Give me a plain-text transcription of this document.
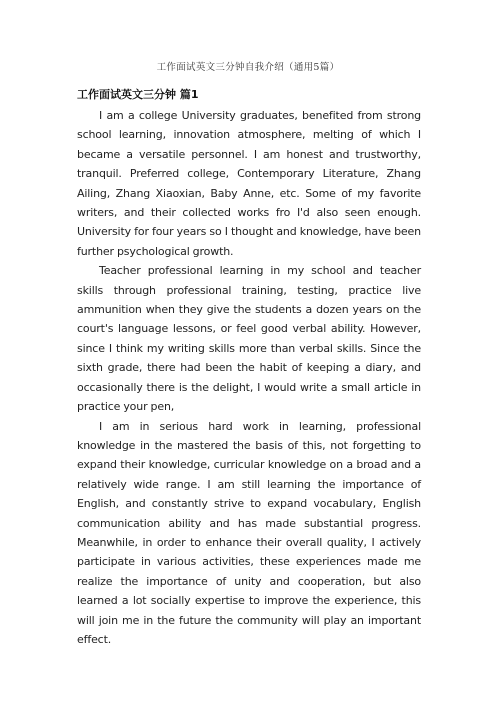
工作面试英文三分钟自我介绍（通用5篇）
工作面试英文三分钟 篇1

I am a college University graduates, benefited from strong school learning, innovation atmosphere, melting of which I became a versatile personnel. I am honest and trustworthy, tranquil. Preferred college, Contemporary Literature, Zhang Ailing, Zhang Xiaoxian, Baby Anne, etc. Some of my favorite writers, and their collected works fro I'd also seen enough. University for four years so I thought and knowledge, have been further psychological growth.

Teacher professional learning in my school and teacher skills through professional training, testing, practice live ammunition when they give the students a dozen years on the court's language lessons, or feel good verbal ability. However, since I think my writing skills more than verbal skills. Since the sixth grade, there had been the habit of keeping a diary, and occasionally there is the delight, I would write a small article in practice your pen,

I am in serious hard work in learning, professional knowledge in the mastered the basis of this, not forgetting to expand their knowledge, curricular knowledge on a broad and a relatively wide range. I am still learning the importance of English, and constantly strive to expand vocabulary, English communication ability and has made substantial progress. Meanwhile, in order to enhance their overall quality, I actively participate in various activities, these experiences made me realize the importance of unity and cooperation, but also learned a lot socially expertise to improve the experience, this will join me in the future the community will play an important effect.
